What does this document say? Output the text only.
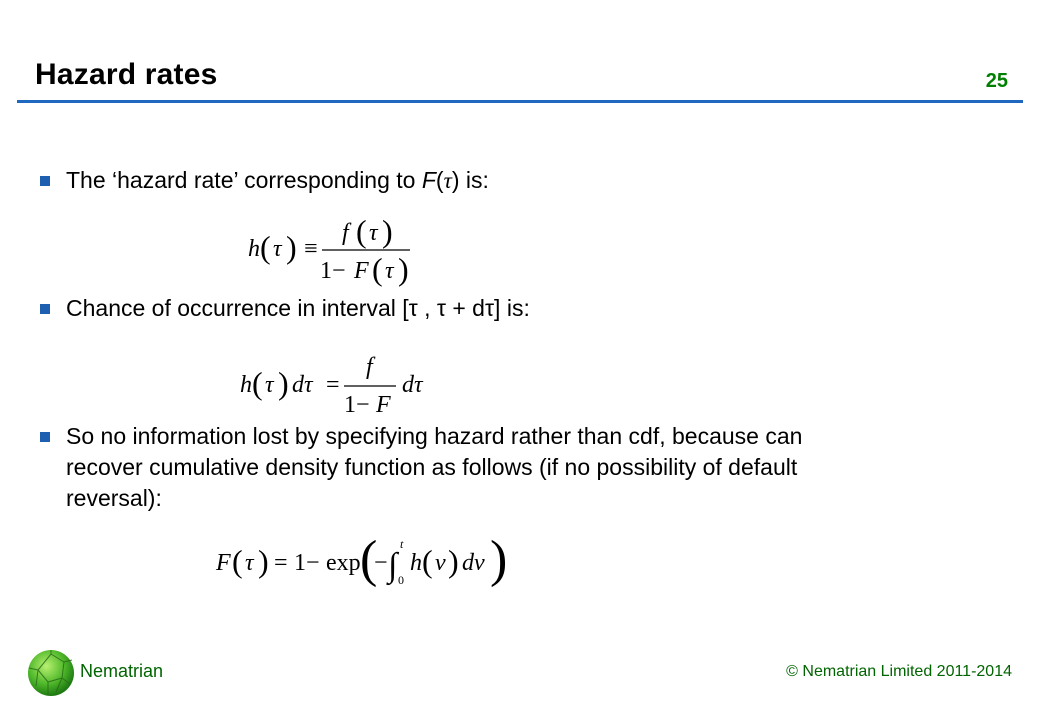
Hazard rates	25
The ‘hazard rate’ corresponding to F(τ) is:
h ( τ ) ≡
f ( τ )
1− F ( τ )
Chance of occurrence in interval [τ , τ + dτ] is:
h ( τ ) dτ =
f
1− F
dτ
So no information lost by specifying hazard rather than cdf, because can
recover cumulative density function as follows (if no possibility of default
reversal):
F ( τ ) = 1− exp (
− ∫
t
0
h ( ν ) dν )
Nematrian	© Nematrian Limited 2011-2014
